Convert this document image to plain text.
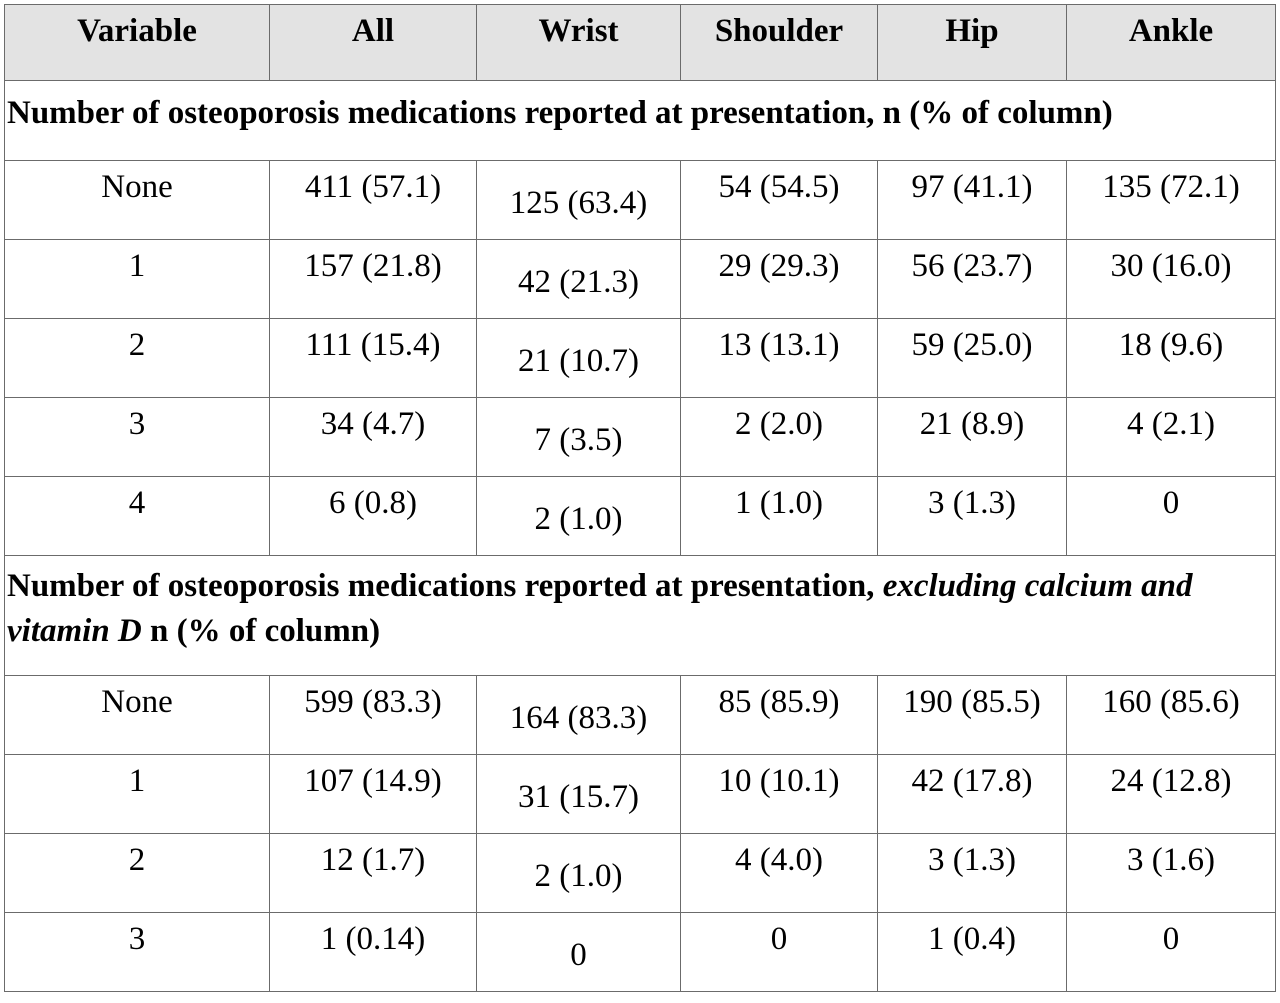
Variable	All	Wrist	Shoulder	Hip	Ankle
Number of osteoporosis medications reported at presentation, n (% of column)					
None	411 (57.1)	125 (63.4)	54 (54.5)	97 (41.1)	135 (72.1)
1	157 (21.8)	42 (21.3)	29 (29.3)	56 (23.7)	30 (16.0)
2	111 (15.4)	21 (10.7)	13 (13.1)	59 (25.0)	18 (9.6)
3	34 (4.7)	7 (3.5)	2 (2.0)	21 (8.9)	4 (2.1)
4	6 (0.8)	2 (1.0)	1 (1.0)	3 (1.3)	0
Number of osteoporosis medications reported at presentation, excluding calcium and vitamin D n (% of column)					
None	599 (83.3)	164 (83.3)	85 (85.9)	190 (85.5)	160 (85.6)
1	107 (14.9)	31 (15.7)	10 (10.1)	42 (17.8)	24 (12.8)
2	12 (1.7)	2 (1.0)	4 (4.0)	3 (1.3)	3 (1.6)
3	1 (0.14)	0	0	1 (0.4)	0
